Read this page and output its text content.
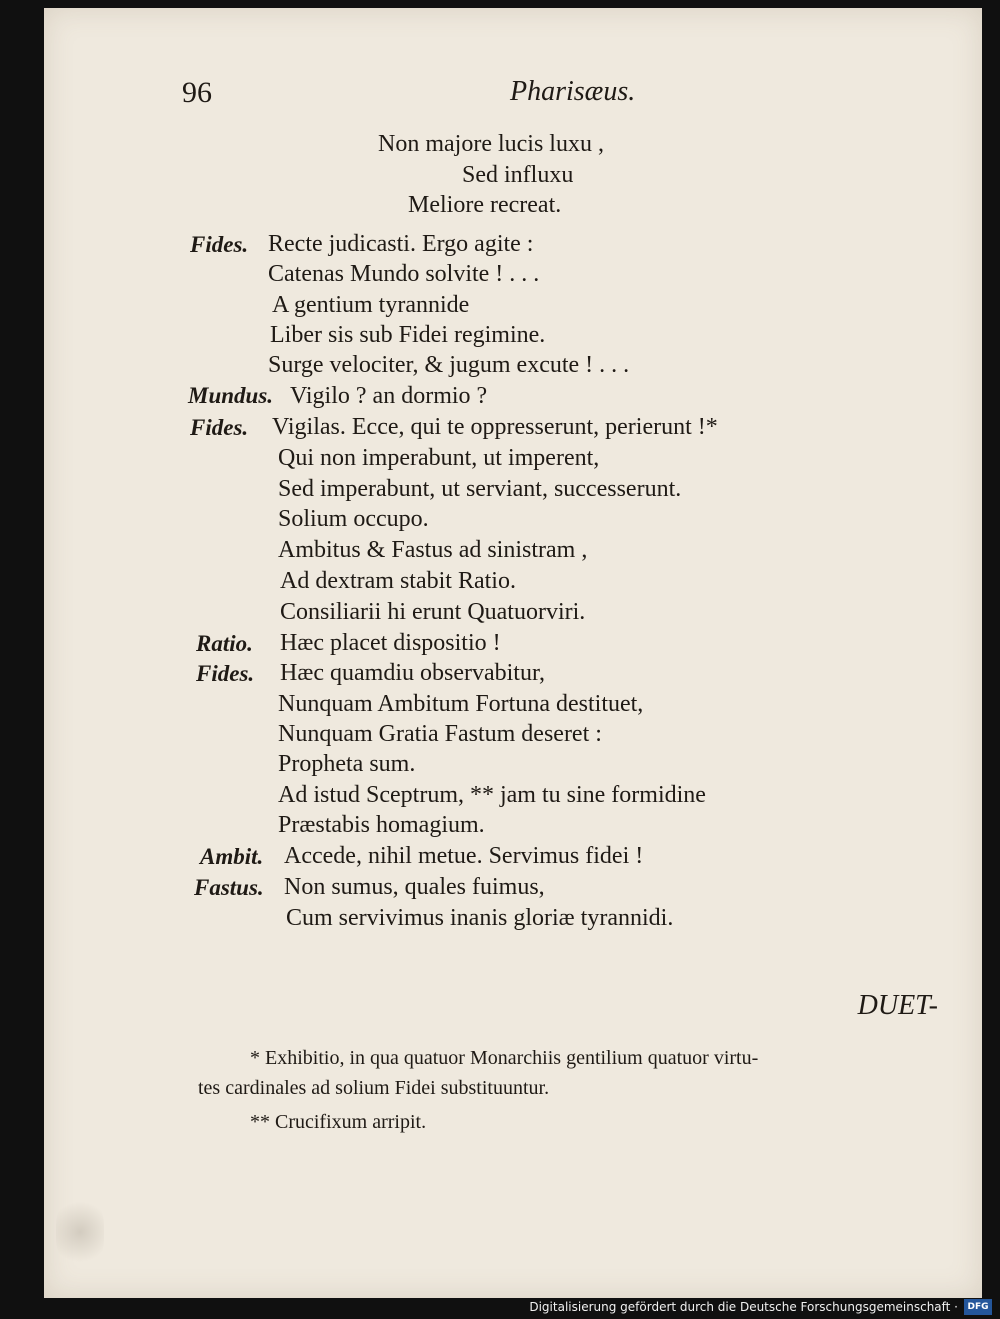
96	Pharisæus.
Non majore lucis luxu ,
Sed influxu
Meliore recreat.
Fides. Recte judicasti. Ergo agite :
Catenas Mundo solvite ! . . .
A gentium tyrannide
Liber sis sub Fidei regimine.
Surge velociter, & jugum excute ! . . .
Mundus. Vigilo ? an dormio ?
Fides. Vigilas. Ecce, qui te oppresserunt, perierunt !*
Qui non imperabunt, ut imperent,
Sed imperabunt, ut serviant, successerunt.
Solium occupo.
Ambitus & Fastus ad sinistram ,
Ad dextram stabit Ratio.
Consiliarii hi erunt Quatuorviri.
Ratio. Hæc placet dispositio !
Fides. Hæc quamdiu observabitur,
Nunquam Ambitum Fortuna destituet,
Nunquam Gratia Fastum deseret :
Propheta sum.
Ad istud Sceptrum, ** jam tu sine formidine
Præstabis homagium.
Ambit. Accede, nihil metue. Servimus fidei !
Fastus. Non sumus, quales fuimus,
Cum servivimus inanis gloriæ tyrannidi.
DUET-
* Exhibitio, in qua quatuor Monarchiis gentilium quatuor virtu-
tes cardinales ad solium Fidei substituuntur.
** Crucifixum arripit.
Digitalisierung gefördert durch die Deutsche Forschungsgemeinschaft ·	DFG
